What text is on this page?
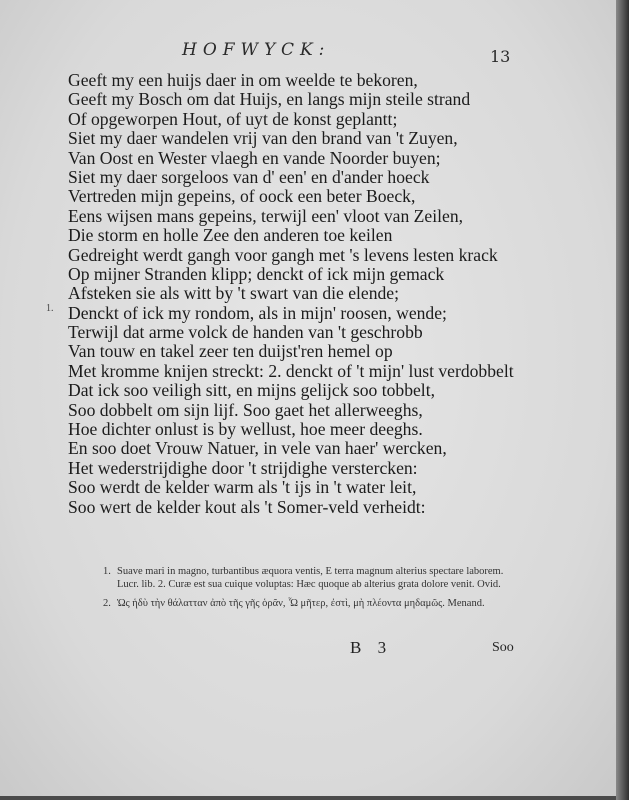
HOFWYCK:	13
Geeft my een huijs daer in om weelde te bekoren,
Geeft my Bosch om dat Huijs, en langs mijn steile strand
Of opgeworpen Hout, of uyt de konst geplantt;
Siet my daer wandelen vrij van den brand van 't Zuyen,
Van Oost en Wester vlaegh en vande Noorder buyen;
Siet my daer sorgeloos van d' een' en d'ander hoeck
Vertreden mijn gepeins, of oock een beter Boeck,
Eens wijsen mans gepeins, terwijl een' vloot van Zeilen,
Die storm en holle Zee den anderen toe keilen
Gedreight werdt gangh voor gangh met 's levens lesten krack
Op mijner Stranden klipp; denckt of ick mijn gemack
Afsteken sie als witt by 't swart van die elende;
Denckt of ick my rondom, als in mijn' roosen, wende;
Terwijl dat arme volck de handen van 't geschrobb
Van touw en takel zeer ten duijst'ren hemel op
Met kromme knijen streckt: 2. denckt of 't mijn' lust verdobbelt
Dat ick soo veiligh sitt, en mijns gelijck soo tobbelt,
Soo dobbelt om sijn lijf. Soo gaet het allerweeghs,
Hoe dichter onlust is by wellust, hoe meer deeghs.
En soo doet Vrouw Natuer, in vele van haer' wercken,
Het wederstrijdighe door 't strijdighe verstercken:
Soo werdt de kelder warm als 't ijs in 't water leit,
Soo wert de kelder kout als 't Somer-veld verheidt:
1.
1. Suave mari in magno, turbantibus æquora ventis, E terra magnum alterius spectare laborem. Lucr. lib. 2. Curæ est sua cuique voluptas: Hæc quoque ab alterius grata dolore venit. Ovid.
2. Ὡς ἡδὺ τὴν θάλατταν ἀπὸ τῆς γῆς ὁρᾶν, Ὦ μῆτερ, ἐστὶ, μὴ πλέοντα μηδαμῶς. Menand.
B 3	Soo
